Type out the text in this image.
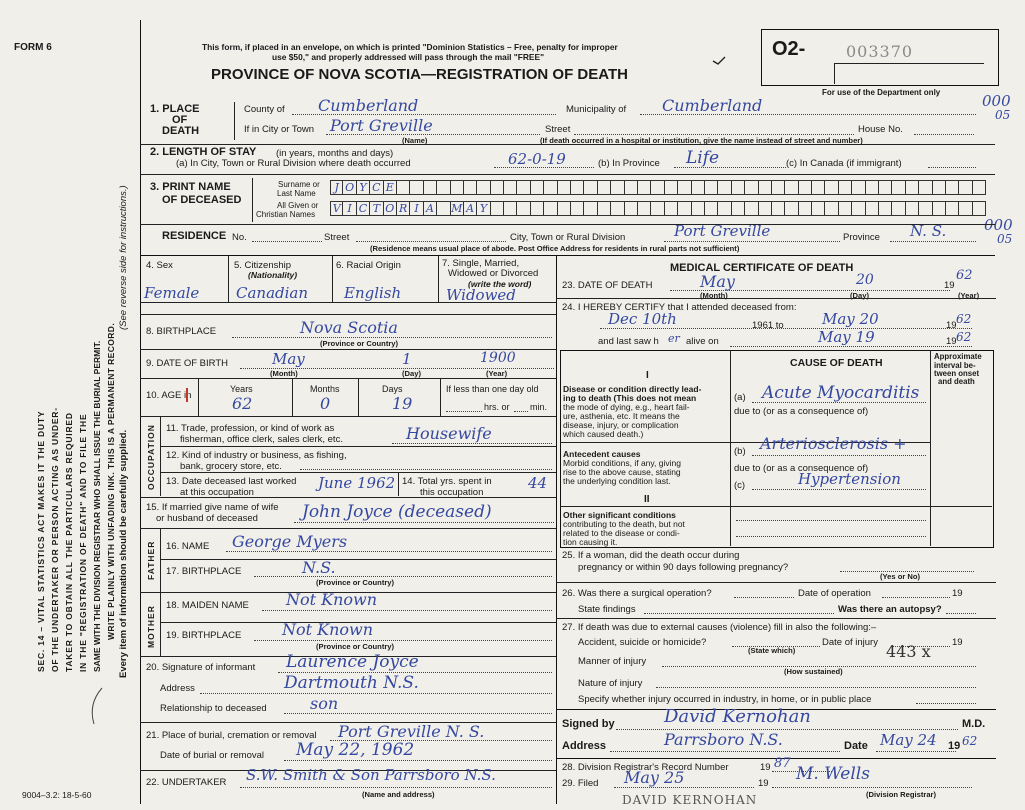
FORM 6	This form, if placed in an envelope, on which is printed "Dominion Statistics – Free, penalty for improper
use $50," and properly addressed will pass through the mail "FREE"
PROVINCE OF NOVA SCOTIA—REGISTRATION OF DEATH
O2-	003370
For use of the Department only	000
05
000
05
SEC. 14 – VITAL STATISTICS ACT MAKES IT THE DUTY OF THE UNDERTAKER OR PERSON ACTING AS UNDER- TAKER TO OBTAIN ALL THE PARTICULARS REQUIRED IN THE "REGISTRATION OF DEATH" AND TO FILE THE SAME WITH THE DIVISION REGISTRAR WHO SHALL ISSUE THE BURIAL PERMIT. WRITE PLAINLY WITH UNFADING INK. THIS IS A PERMANENT RECORD. Every item of information should be carefully supplied.
(See reverse side for instructions.)
1. PLACE
OF
DEATH
County of Cumberland	Municipality of Cumberland
If in City or Town Port Greville
(Name)
Street	House No.
(If death occurred in a hospital or institution, give the name instead of street and number)
2. LENGTH OF STAY (in years, months and days)
(a) In City, Town or Rural Division where death occurred	62-0-19	(b) In Province Life	(c) In Canada (if immigrant)
3. PRINT NAME
OF DECEASED
Surname or
Last Name
All Given or
Christian Names
J O Y C E
V I C T O R I A M A Y
RESIDENCE No.	Street	City, Town or Rural Division	Port Greville	Province N. S.
(Residence means usual place of abode. Post Office Address for residents in rural parts not sufficient)
4. Sex
Female
5. Citizenship
(Nationality)
Canadian
6. Racial Origin
English
7. Single, Married,
Widowed or Divorced
(write the word)
Widowed
8. BIRTHPLACE	Nova Scotia
(Province or Country)
9. DATE OF BIRTH	May	1	1900
(Month)	(Day)	(Year)
10. AGE in
Years	Months	Days
62	0	19
If less than one day old
hrs. or min.
OCCUPATION 11. Trade, profession, or kind of work as
fisherman, office clerk, sales clerk, etc.	Housewife
12. Kind of industry or business, as fishing,
bank, grocery store, etc.
13. Date deceased last worked
at this occupation
June 1962 14. Total yrs. spent in
this occupation
44
15. If married give name of wife
or husband of deceased	John Joyce (deceased)
FATHER 16. NAME George Myers
17. BIRTHPLACE	N.S.
(Province or Country)
MOTHER 18. MAIDEN NAME Not Known
19. BIRTHPLACE	Not Known
(Province or Country)
20. Signature of informant Laurence Joyce
Address	Dartmouth N.S.
Relationship to deceased	son
21. Place of burial, cremation or removal Port Greville N. S.
Date of burial or removal May 22, 1962
22. UNDERTAKER S.W. Smith & Son Parrsboro N.S.
(Name and address)
9004–3.2: 18-5-60	DAVID KERNOHAN
MEDICAL CERTIFICATE OF DEATH
23. DATE OF DEATH	May	20	19
62
(Month)	(Day)	(Year)
24. I HEREBY CERTIFY that I attended deceased from:
Dec 10th	1961 to	May 20	19 62
and last saw h er alive on	May 19	19 62
CAUSE OF DEATH
Approximate
interval be-
tween onset
and death
I
Disease or condition directly lead-
ing to death (This does not mean
the mode of dying, e.g., heart fail-
ure, asthenia, etc. It means the
disease, injury, or complication
which caused death.)
(a) Acute Myocarditis
due to (or as a consequence of)
Antecedent causes
Morbid conditions, if any, giving
rise to the above cause, stating
the underlying condition last.
(b) Arteriosclerosis +
due to (or as a consequence of)
(c)	Hypertension
II
Other significant conditions
contributing to the death, but not
related to the disease or condi-
tion causing it.
25. If a woman, did the death occur during
pregnancy or within 90 days following pregnancy?
(Yes or No)
26. Was there a surgical operation?	Date of operation	19
State findings	Was there an autopsy?
27. If death was due to external causes (violence) fill in also the following:–
Accident, suicide or homicide?	Date of injury	19
(State which)
Manner of injury
443 x
(How sustained)
Nature of injury
Specify whether injury occurred in industry, in home, or in public place
Signed by	David Kernohan	M.D.
Address	Parrsboro N.S.	Date May 24 19 62
28. Division Registrar's Record Number	19 87
29. Filed May 25	19 M. Wells
(Division Registrar)
